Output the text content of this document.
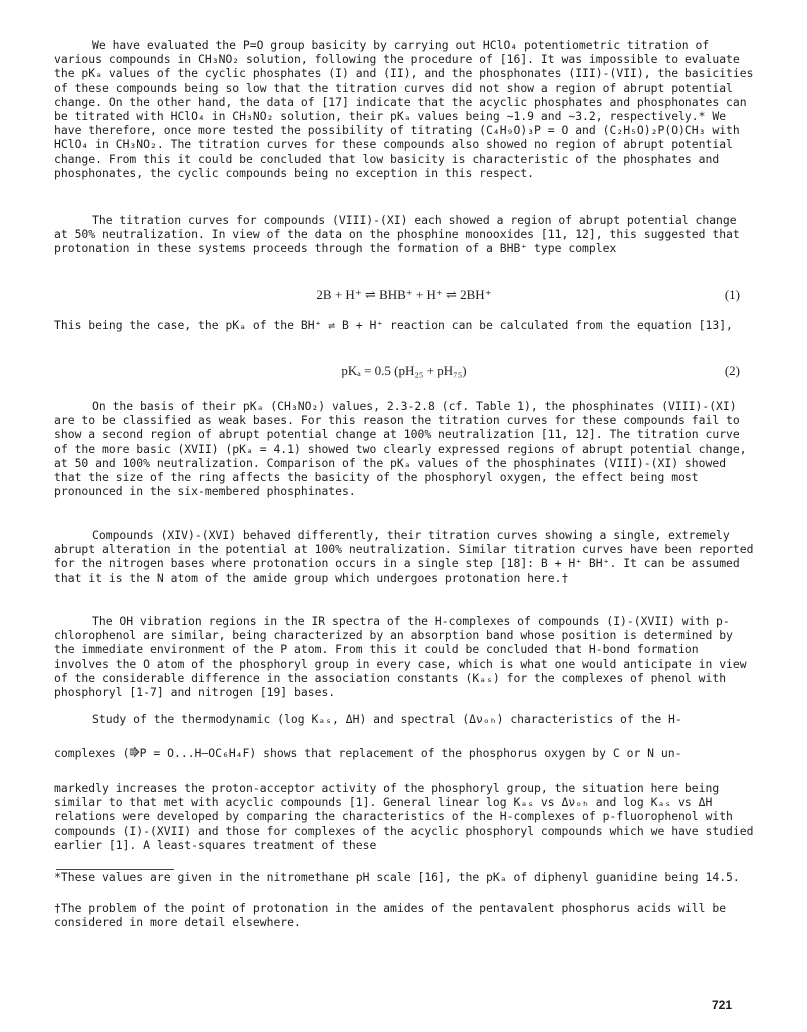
We have evaluated the P=O group basicity by carrying out HClO₄ potentiometric titration of various compounds in CH₃NO₂ solution, following the procedure of [16]. It was impossible to evaluate the pKₐ values of the cyclic phosphates (I) and (II), and the phosphonates (III)-(VII), the basicities of these compounds being so low that the titration curves did not show a region of abrupt potential change. On the other hand, the data of [17] indicate that the acyclic phosphates and phosphonates can be titrated with HClO₄ in CH₃NO₂ solution, their pKₐ values being ∼1.9 and ∼3.2, respectively.* We have therefore, once more tested the possibility of titrating (C₄H₉O)₃P = O and (C₂H₅O)₂P(O)CH₃ with HClO₄ in CH₃NO₂. The titration curves for these compounds also showed no region of abrupt potential change. From this it could be concluded that low basicity is characteristic of the phosphates and phosphonates, the cyclic compounds being no exception in this respect.

The titration curves for compounds (VIII)-(XI) each showed a region of abrupt potential change at 50% neutralization. In view of the data on the phosphine monooxides [11, 12], this suggested that protonation in these systems proceeds through the formation of a BHB⁺ type complex

2B + H⁺ ⇌ BHB⁺ + H⁺ ⇌ 2BH⁺	(1)

This being the case, the pKₐ of the BH⁺ ⇌ B + H⁺ reaction can be calculated from the equation [13],

pKₐ = 0.5 (pH₂₅ + pH₇₅)	(2)

On the basis of their pKₐ (CH₃NO₂) values, 2.3-2.8 (cf. Table 1), the phosphinates (VIII)-(XI) are to be classified as weak bases. For this reason the titration curves for these compounds fail to show a second region of abrupt potential change at 100% neutralization [11, 12]. The titration curve of the more basic (XVII) (pKₐ = 4.1) showed two clearly expressed regions of abrupt potential change, at 50 and 100% neutralization. Comparison of the pKₐ values of the phosphinates (VIII)-(XI) showed that the size of the ring affects the basicity of the phosphoryl oxygen, the effect being most pronounced in the six-membered phosphinates.

Compounds (XIV)-(XVI) behaved differently, their titration curves showing a single, extremely abrupt alteration in the potential at 100% neutralization. Similar titration curves have been reported for the nitrogen bases where protonation occurs in a single step [18]: B + H⁺ BH⁺. It can be assumed that it is the N atom of the amide group which undergoes protonation here.†

The OH vibration regions in the IR spectra of the H-complexes of compounds (I)-(XVII) with p-chlorophenol are similar, being characterized by an absorption band whose position is determined by the immediate environment of the P atom. From this it could be concluded that H-bond formation involves the O atom of the phosphoryl group in every case, which is what one would anticipate in view of the considerable difference in the association constants (Kₐₛ) for the complexes of phenol with phosphoryl [1-7] and nitrogen [19] bases.

Study of the thermodynamic (log Kₐₛ, ΔH) and spectral (Δνₒₕ) characteristics of the H-

complexes (⭆P = O...H—OC₆H₄F) shows that replacement of the phosphorus oxygen by C or N un-

markedly increases the proton-acceptor activity of the phosphoryl group, the situation here being similar to that met with acyclic compounds [1]. General linear log Kₐₛ vs Δνₒₕ and log Kₐₛ vs ΔH relations were developed by comparing the characteristics of the H-complexes of p-fluorophenol with compounds (I)-(XVII) and those for complexes of the acyclic phosphoryl compounds which we have studied earlier [1]. A least-squares treatment of these

*These values are given in the nitromethane pH scale [16], the pKₐ of diphenyl guanidine being 14.5.

†The problem of the point of protonation in the amides of the pentavalent phosphorus acids will be considered in more detail elsewhere.

721
